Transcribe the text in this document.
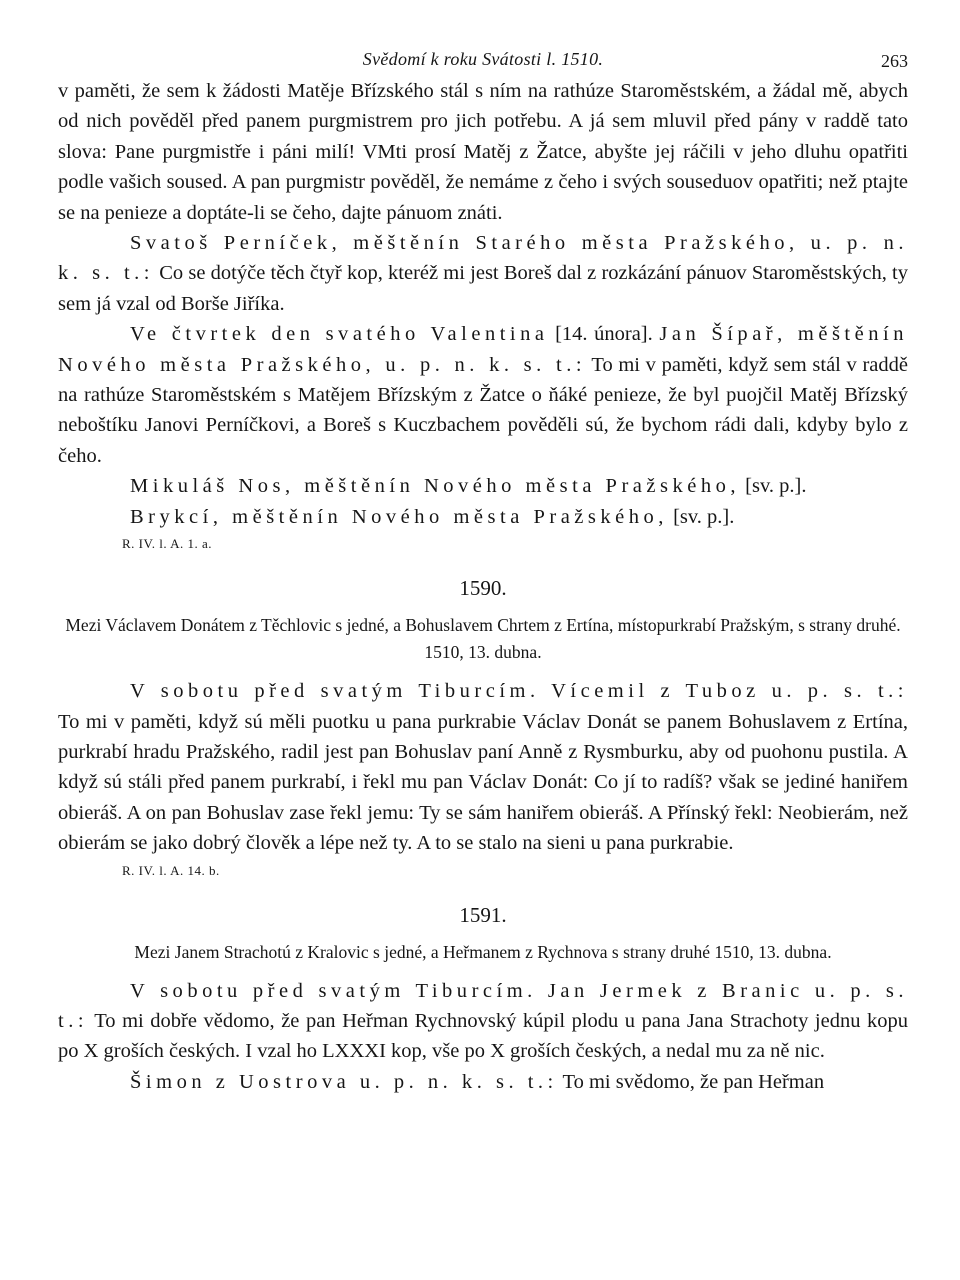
Svědomí k roku Svátosti l. 1510.	263

v paměti, že sem k žádosti Matěje Břízského stál s ním na rathúze Staroměstském, a žádal mě, abych od nich pověděl před panem purgmistrem pro jich potřebu. A já sem mluvil před pány v raddě tato slova: Pane purgmistře i páni milí! VMti prosí Matěj z Žatce, abyšte jej ráčili v jeho dluhu opatřiti podle vašich soused. A pan purgmistr pověděl, že nemáme z čeho i svých souseduov opatřiti; než ptajte se na penieze a doptáte-li se čeho, dajte pánuom znáti.

Svatoš Perníček, měštěnín Starého města Pražského, u. p. n. k. s. t.: Co se dotýče těch čtyř kop, kteréž mi jest Boreš dal z rozkázání pánuov Staroměstských, ty sem já vzal od Borše Jiříka.

Ve čtvrtek den svatého Valentina [14. února]. Jan Šípař, měštěnín Nového města Pražského, u. p. n. k. s. t.: To mi v paměti, když sem stál v raddě na rathúze Staroměstském s Matějem Břízským z Žatce o ňáké penieze, že byl puojčil Matěj Břízský neboštíku Janovi Perníčkovi, a Boreš s Kuczbachem pověděli sú, že bychom rádi dali, kdyby bylo z čeho.

Mikuláš Nos, měštěnín Nového města Pražského, [sv. p.].

Brykcí, měštěnín Nového města Pražského, [sv. p.].

R. IV. l. A. 1. a.

1590.
Mezi Václavem Donátem z Těchlovic s jedné, a Bohuslavem Chrtem z Ertína, místopurkrabí Pražským, s strany druhé. 1510, 13. dubna.

V sobotu před svatým Tiburcím. Vícemil z Tuboz u. p. s. t.: To mi v paměti, když sú měli puotku u pana purkrabie Václav Donát se panem Bohuslavem z Ertína, purkrabí hradu Pražského, radil jest pan Bohuslav paní Anně z Rysmburku, aby od puohonu pustila. A když sú stáli před panem purkrabí, i řekl mu pan Václav Donát: Co jí to radíš? však se jediné haniřem obieráš. A on pan Bohuslav zase řekl jemu: Ty se sám haniřem obieráš. A Přínský řekl: Neobierám, než obierám se jako dobrý člověk a lépe než ty. A to se stalo na sieni u pana purkrabie.

R. IV. l. A. 14. b.

1591.
Mezi Janem Strachotú z Kralovic s jedné, a Heřmanem z Rychnova s strany druhé 1510, 13. dubna.

V sobotu před svatým Tiburcím. Jan Jermek z Branic u. p. s. t.: To mi dobře vědomo, že pan Heřman Rychnovský kúpil plodu u pana Jana Strachoty jednu kopu po X groších českých. I vzal ho LXXXI kop, vše po X groších českých, a nedal mu za ně nic.

Šimon z Uostrova u. p. n. k. s. t.: To mi svědomo, že pan Heřman
